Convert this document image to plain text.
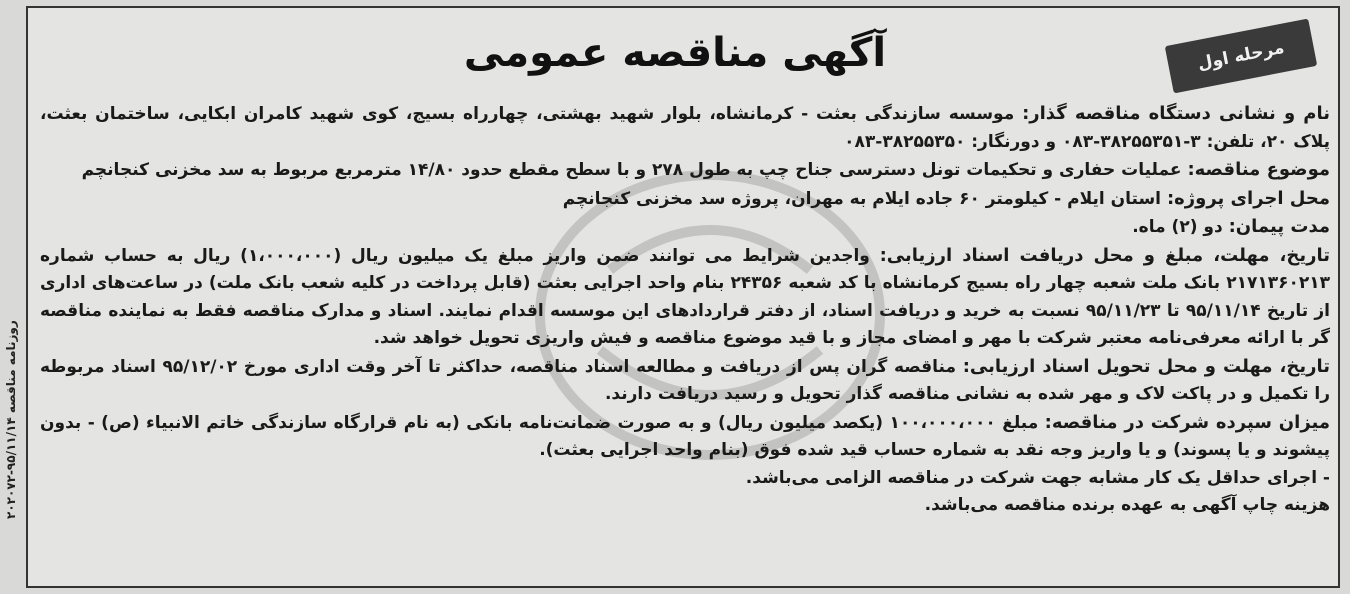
روزنامه مناقصه ۹۵/۱۱/۱۴-۲۰۲۰۷۲
مرحله اول
آگهی مناقصه عمومی

نام و نشانی دستگاه مناقصه گذار: موسسه سازندگی بعثت - کرمانشاه، بلوار شهید بهشتی، چهارراه بسیج، کوی شهید کامران ابکایی، ساختمان بعثت، پلاک ۲۰، تلفن: ۳-۳۸۲۵۵۳۵۱-۰۸۳ و دورنگار: ۳۸۲۵۵۳۵۰-۰۸۳

موضوع مناقصه: عملیات حفاری و تحکیمات تونل دسترسی جناح چپ به طول ۲۷۸ و با سطح مقطع حدود ۱۴/۸۰ مترمربع مربوط به سد مخزنی کنجانچم

محل اجرای پروژه: استان ایلام - کیلومتر ۶۰ جاده ایلام به مهران، پروژه سد مخزنی کنجانچم

مدت پیمان: دو (۲) ماه.

تاریخ، مهلت، مبلغ و محل دریافت اسناد ارزیابی: واجدین شرایط می توانند ضمن واریز مبلغ یک میلیون ریال (۱،۰۰۰،۰۰۰) ریال به حساب شماره ۲۱۷۱۳۶۰۲۱۳ بانک ملت شعبه چهار راه بسیج کرمانشاه با کد شعبه ۲۴۳۵۶ بنام واحد اجرایی بعثت (قابل پرداخت در کلیه شعب بانک ملت) در ساعت‌های اداری از تاریخ ۹۵/۱۱/۱۴ تا ۹۵/۱۱/۲۳ نسبت به خرید و دریافت اسناد، از دفتر قراردادهای این موسسه اقدام نمایند. اسناد و مدارک مناقصه فقط به نماینده مناقصه گر با ارائه معرفی‌نامه معتبر شرکت با مهر و امضای مجاز و با قید موضوع مناقصه و فیش واریزی تحویل خواهد شد.

تاریخ، مهلت و محل تحویل اسناد ارزیابی: مناقصه گران پس از دریافت و مطالعه اسناد مناقصه، حداکثر تا آخر وقت اداری مورخ ۹۵/۱۲/۰۲ اسناد مربوطه را تکمیل و در پاکت لاک و مهر شده به نشانی مناقصه گذار تحویل و رسید دریافت دارند.

میزان سپرده شرکت در مناقصه: مبلغ ۱۰۰،۰۰۰،۰۰۰ (یکصد میلیون ریال) و به صورت ضمانت‌نامه بانکی (به نام قرارگاه سازندگی خاتم الانبیاء (ص) - بدون پیشوند و یا پسوند) و یا واریز وجه نقد به شماره حساب قید شده فوق (بنام واحد اجرایی بعثت).

- اجرای حداقل یک کار مشابه جهت شرکت در مناقصه الزامی می‌باشد.

هزینه چاپ آگهی به عهده برنده مناقصه می‌باشد.
